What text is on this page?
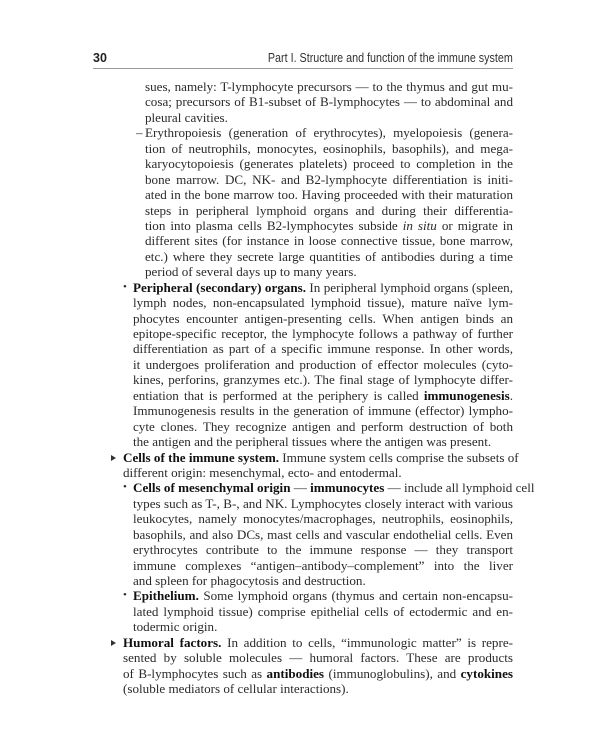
30	Part I. Structure and function of the immune system
sues, namely: T-lymphocyte precursors — to the thymus and gut mu-
cosa; precursors of B1-subset of B-lymphocytes — to abdominal and
pleural cavities.
– Erythropoiesis (generation of erythrocytes), myelopoiesis (genera-
tion of neutrophils, monocytes, eosinophils, basophils), and mega-
karyocytopoiesis (generates platelets) proceed to completion in the
bone marrow. DC, NK- and B2-lymphocyte differentiation is initi-
ated in the bone marrow too. Having proceeded with their maturation
steps in peripheral lymphoid organs and during their differentia-
tion into plasma cells B2-lymphocytes subside in situ or migrate in
different sites (for instance in loose connective tissue, bone marrow,
etc.) where they secrete large quantities of antibodies during a time
period of several days up to many years.
• Peripheral (secondary) organs. In peripheral lymphoid organs (spleen,
lymph nodes, non-encapsulated lymphoid tissue), mature naïve lym-
phocytes encounter antigen-presenting cells. When antigen binds an
epitope-specific receptor, the lymphocyte follows a pathway of further
differentiation as part of a specific immune response. In other words,
it undergoes proliferation and production of effector molecules (cyto-
kines, perforins, granzymes etc.). The final stage of lymphocyte differ-
entiation that is performed at the periphery is called immunogenesis.
Immunogenesis results in the generation of immune (effector) lympho-
cyte clones. They recognize antigen and perform destruction of both
the antigen and the peripheral tissues where the antigen was present.
Cells of the immune system. Immune system cells comprise the subsets of
different origin: mesenchymal, ecto- and entodermal.
• Cells of mesenchymal origin — immunocytes — include all lymphoid cell
types such as T-, B-, and NK. Lymphocytes closely interact with various
leukocytes, namely monocytes/macrophages, neutrophils, eosinophils,
basophils, and also DCs, mast cells and vascular endothelial cells. Even
erythrocytes contribute to the immune response — they transport
immune complexes “antigen–antibody–complement” into the liver
and spleen for phagocytosis and destruction.
• Epithelium. Some lymphoid organs (thymus and certain non-encapsu-
lated lymphoid tissue) comprise epithelial cells of ectodermic and en-
todermic origin.
Humoral factors. In addition to cells, “immunologic matter” is repre-
sented by soluble molecules — humoral factors. These are products
of B-lymphocytes such as antibodies (immunoglobulins), and cytokines
(soluble mediators of cellular interactions).
